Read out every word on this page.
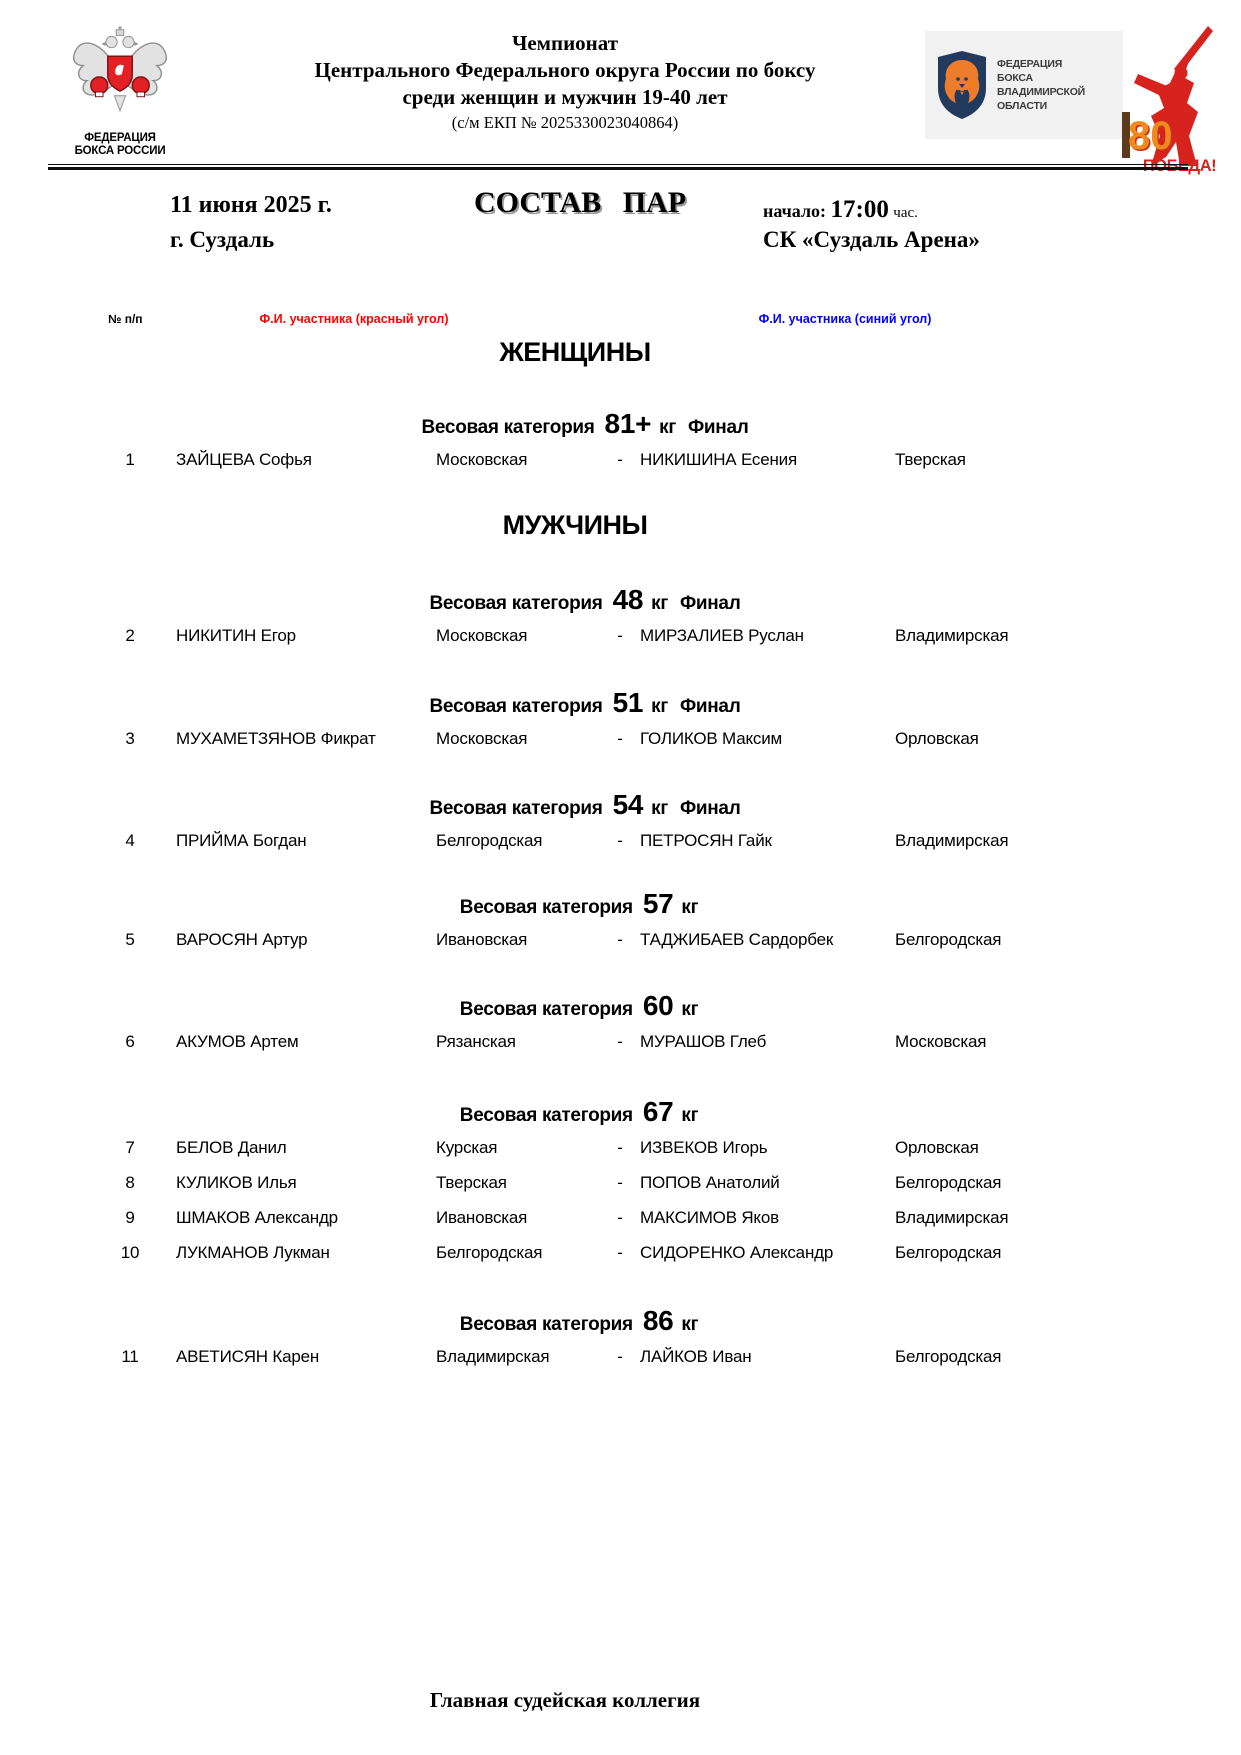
ФЕДЕРАЦИЯ
БОКСА РОССИИ
Чемпионат
Центрального Федерального округа России по боксу
среди женщин и мужчин 19-40 лет
(с/м ЕКП № 2025330023040864)
ФЕДЕРАЦИЯ
БОКСА
ВЛАДИМИРСКОЙ
ОБЛАСТИ
80
ПОБЕДА!
11 июня 2025 г.
г. Суздаль
СОСТАВ ПАР	начало: 17:00 час.
СК «Суздаль Арена»
№ п/п	Ф.И. участника (красный угол)	Ф.И. участника (синий угол)
ЖЕНЩИНЫ
Весовая категория 81+ кг Финал
1	ЗАЙЦЕВА Софья	Московская	-	НИКИШИНА Есения	Тверская
МУЖЧИНЫ
Весовая категория 48 кг Финал
2	НИКИТИН Егор	Московская	-	МИРЗАЛИЕВ Руслан	Владимирская
Весовая категория 51 кг Финал
3	МУХАМЕТЗЯНОВ Фикрат	Московская	-	ГОЛИКОВ Максим	Орловская
Весовая категория 54 кг Финал
4	ПРИЙМА Богдан	Белгородская	-	ПЕТРОСЯН Гайк	Владимирская
Весовая категория 57 кг
5	ВАРОСЯН Артур	Ивановская	-	ТАДЖИБАЕВ Сардорбек	Белгородская
Весовая категория 60 кг
6	АКУМОВ Артем	Рязанская	-	МУРАШОВ Глеб	Московская
Весовая категория 67 кг
7	БЕЛОВ Данил	Курская	-	ИЗВЕКОВ Игорь	Орловская
8	КУЛИКОВ Илья	Тверская	-	ПОПОВ Анатолий	Белгородская
9	ШМАКОВ Александр	Ивановская	-	МАКСИМОВ Яков	Владимирская
10	ЛУКМАНОВ Лукман	Белгородская	-	СИДОРЕНКО Александр	Белгородская
Весовая категория 86 кг
11	АВЕТИСЯН Карен	Владимирская	-	ЛАЙКОВ Иван	Белгородская
Главная судейская коллегия
